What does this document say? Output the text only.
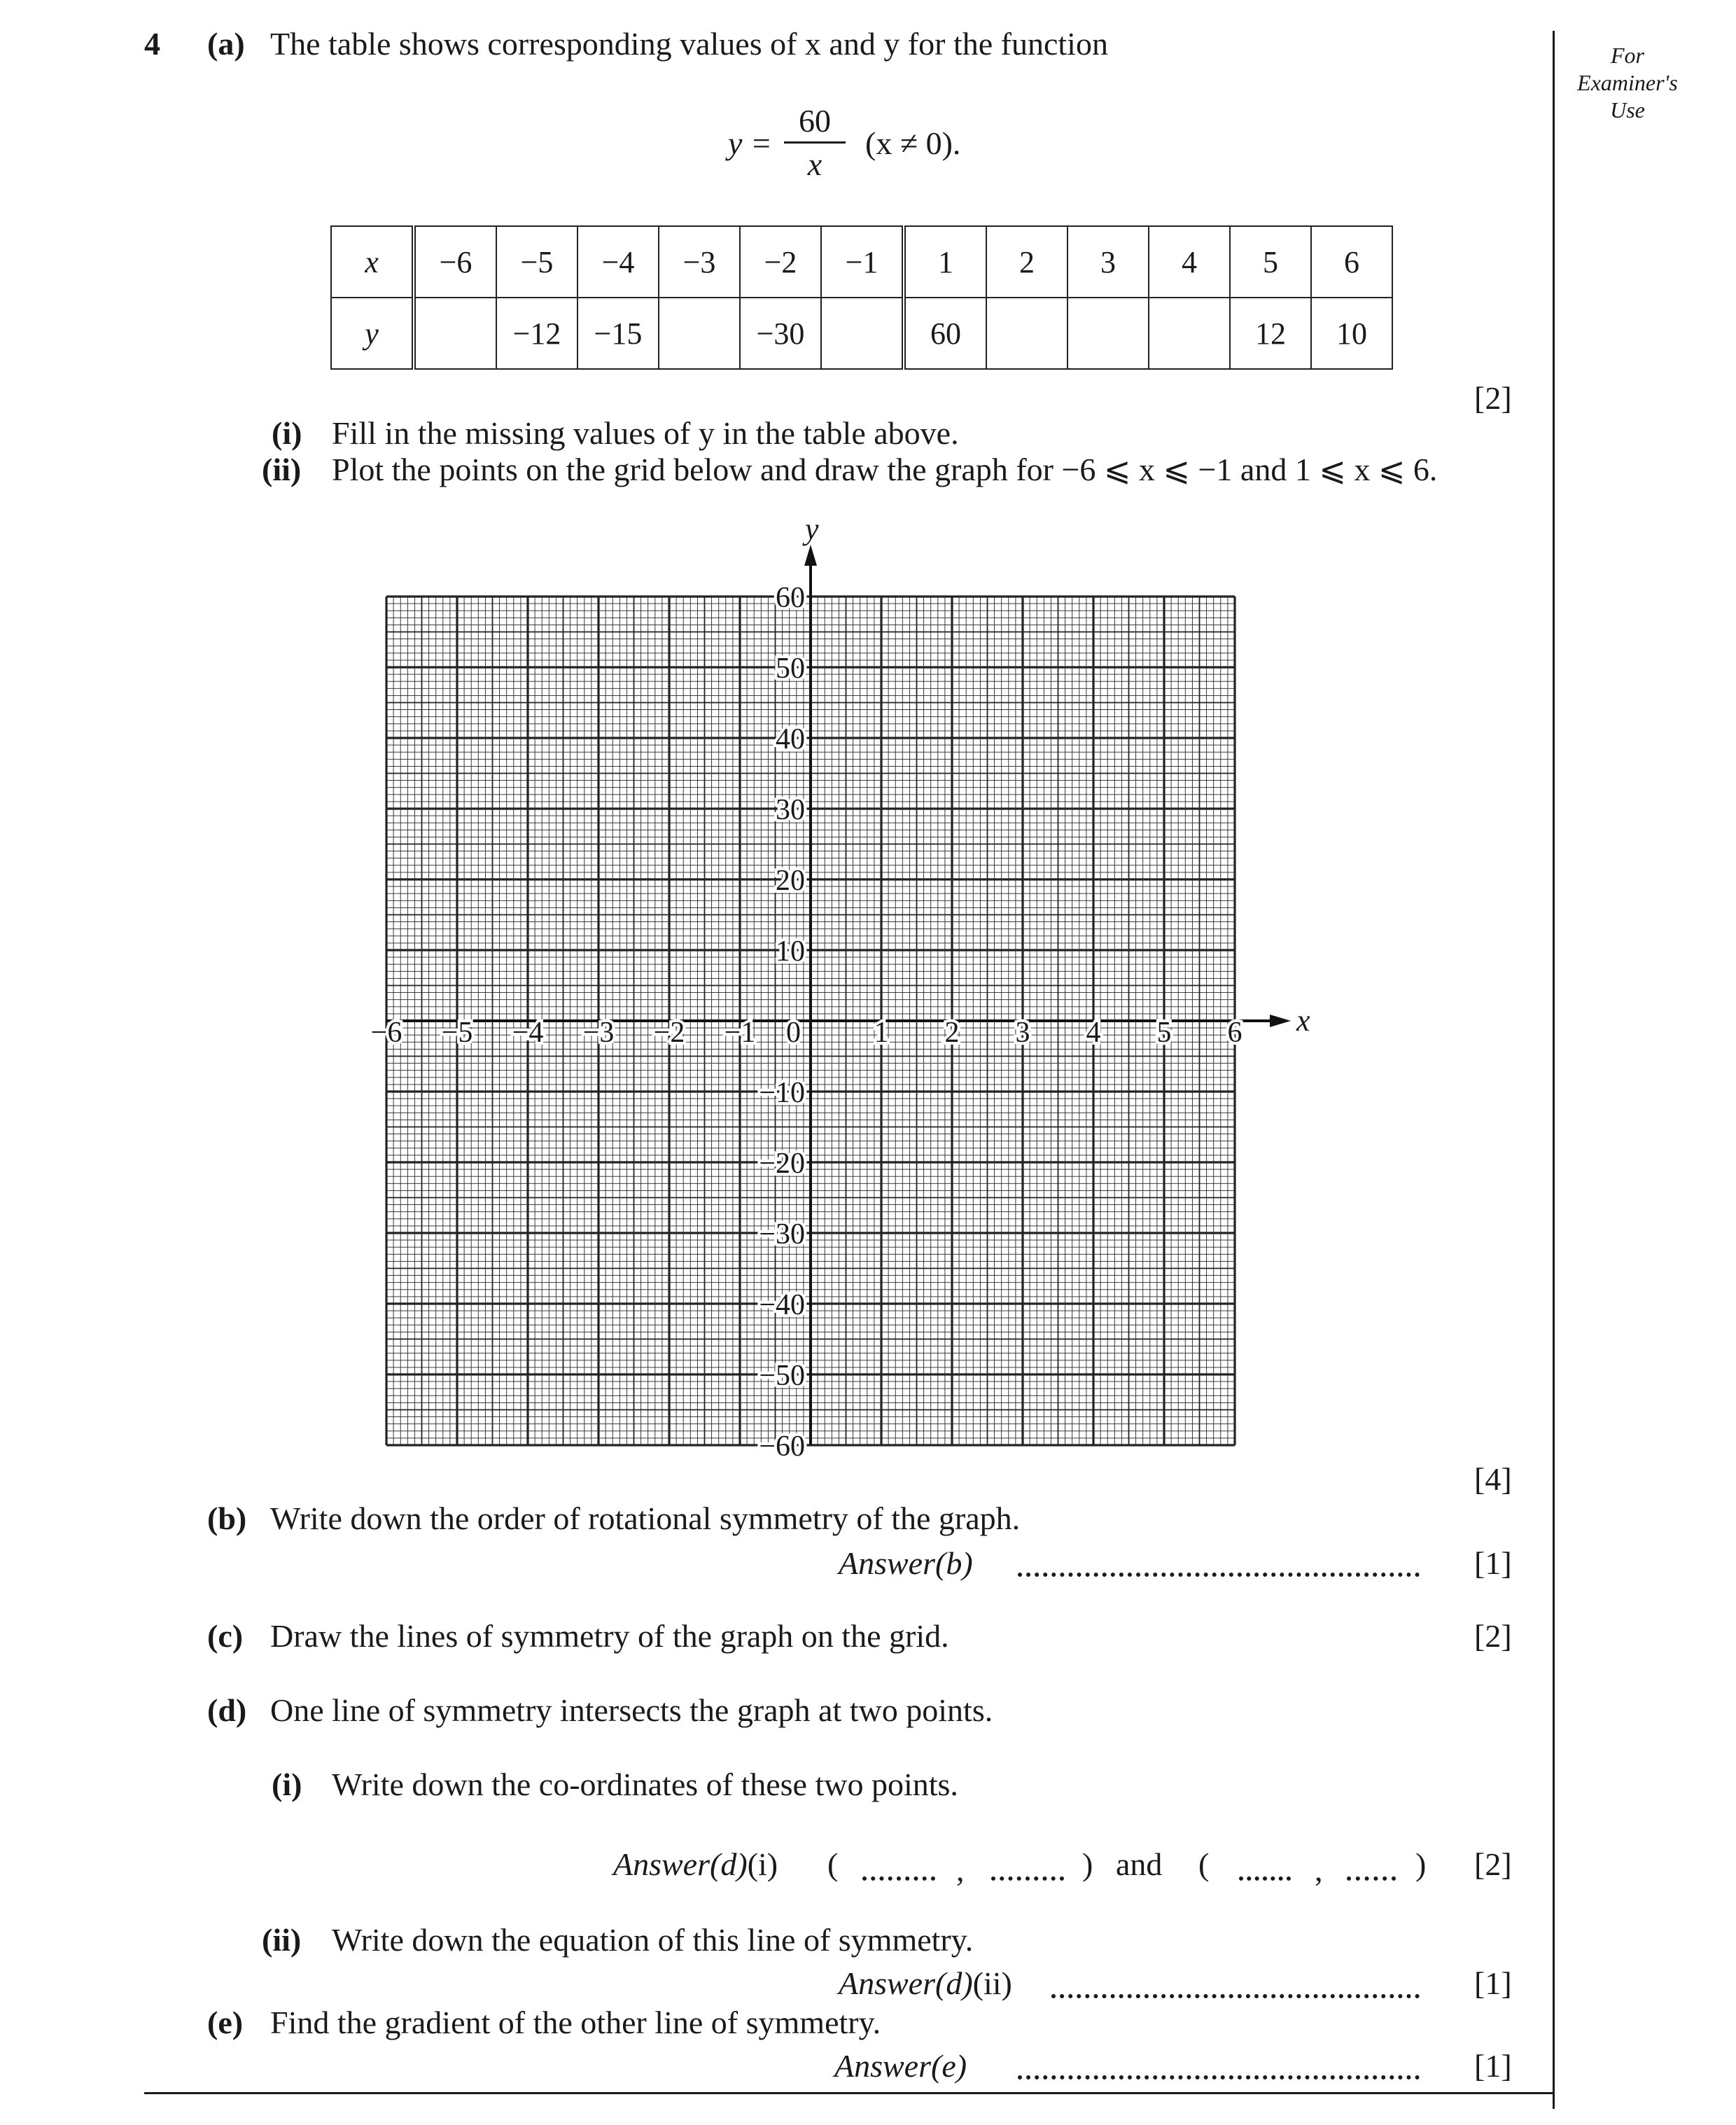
4 (a) The table shows corresponding values of x and y for the function	For
Examiner's
Use
y =
60
x
(x ≠ 0).
x	−6	−5	−4	−3	−2	−1	1	2	3	4	5	6
y		−12	−15		−30		60				12	10
[2]
(i) Fill in the missing values of y in the table above.
(ii) Plot the points on the grid below and draw the graph for −6 ⩽ x ⩽ −1 and 1 ⩽ x ⩽ 6.
x
y
−6 −5 −4 −3 −2 −1 0 1 2 3 4 5 6
60
50
40
30
20
10
−10
−20
−30
−40
−50
−60
[4]
(b) Write down the order of rotational symmetry of the graph.
Answer(b)	[1]
(c) Draw the lines of symmetry of the graph on the grid.	[2]
(d) One line of symmetry intersects the graph at two points.
(i) Write down the co-ordinates of these two points.
Answer(d)(i) (	,	) and (	,	) [2]
(ii) Write down the equation of this line of symmetry.
Answer(d)(ii)	[1]
(e) Find the gradient of the other line of symmetry.
Answer(e)	[1]
